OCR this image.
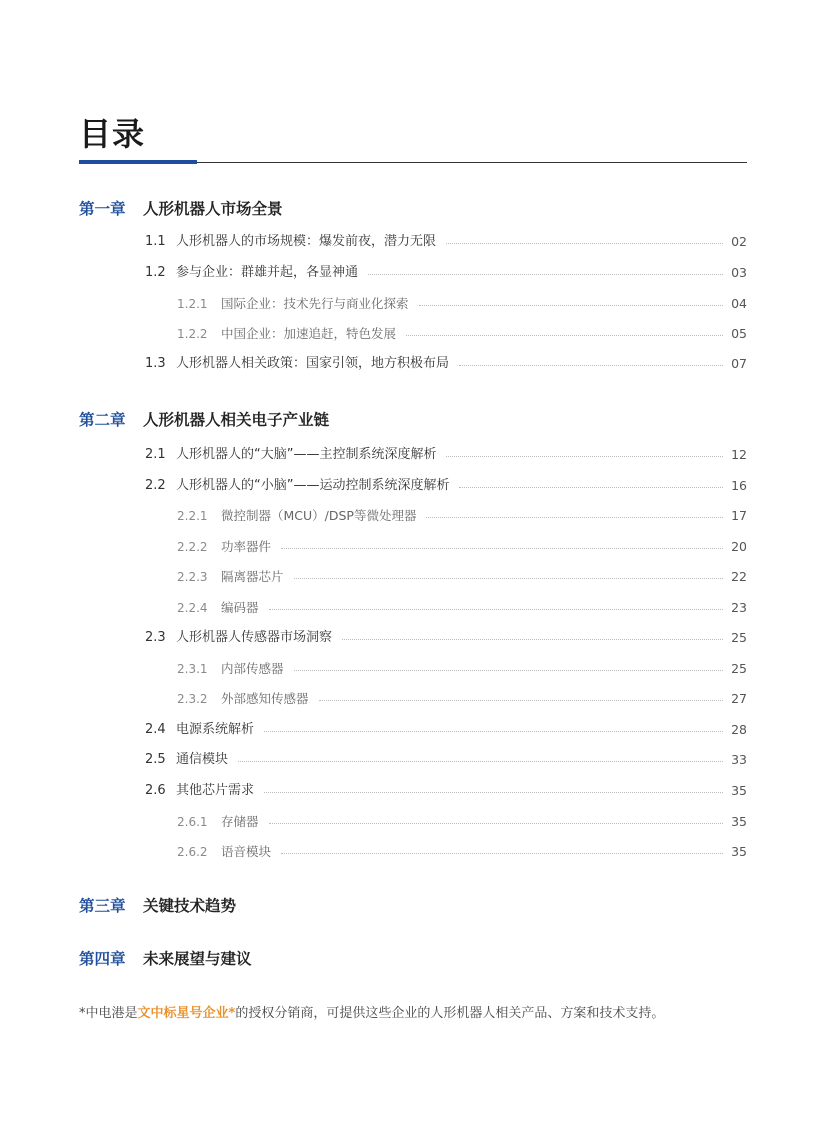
目录
第一章 人形机器人市场全景
1.1 人形机器人的市场规模：爆发前夜，潜力无限	02
1.2 参与企业：群雄并起，各显神通	03
1.2.1	国际企业：技术先行与商业化探索	04
1.2.2	中国企业：加速追赶，特色发展	05
1.3 人形机器人相关政策：国家引领，地方积极布局	07
第二章 人形机器人相关电子产业链
2.1 人形机器人的“大脑”——主控制系统深度解析	12
2.2 人形机器人的“小脑”——运动控制系统深度解析	16
2.2.1	微控制器（MCU）/DSP等微处理器	17
2.2.2	功率器件	20
2.2.3	隔离器芯片	22
2.2.4	编码器	23
2.3 人形机器人传感器市场洞察	25
2.3.1	内部传感器	25
2.3.2	外部感知传感器	27
2.4 电源系统解析	28
2.5 通信模块	33
2.6 其他芯片需求	35
2.6.1	存储器	35
2.6.2	语音模块	35
第三章 关键技术趋势
第四章 未来展望与建议
*中电港是文中标星号企业*的授权分销商，可提供这些企业的人形机器人相关产品、方案和技术支持。
